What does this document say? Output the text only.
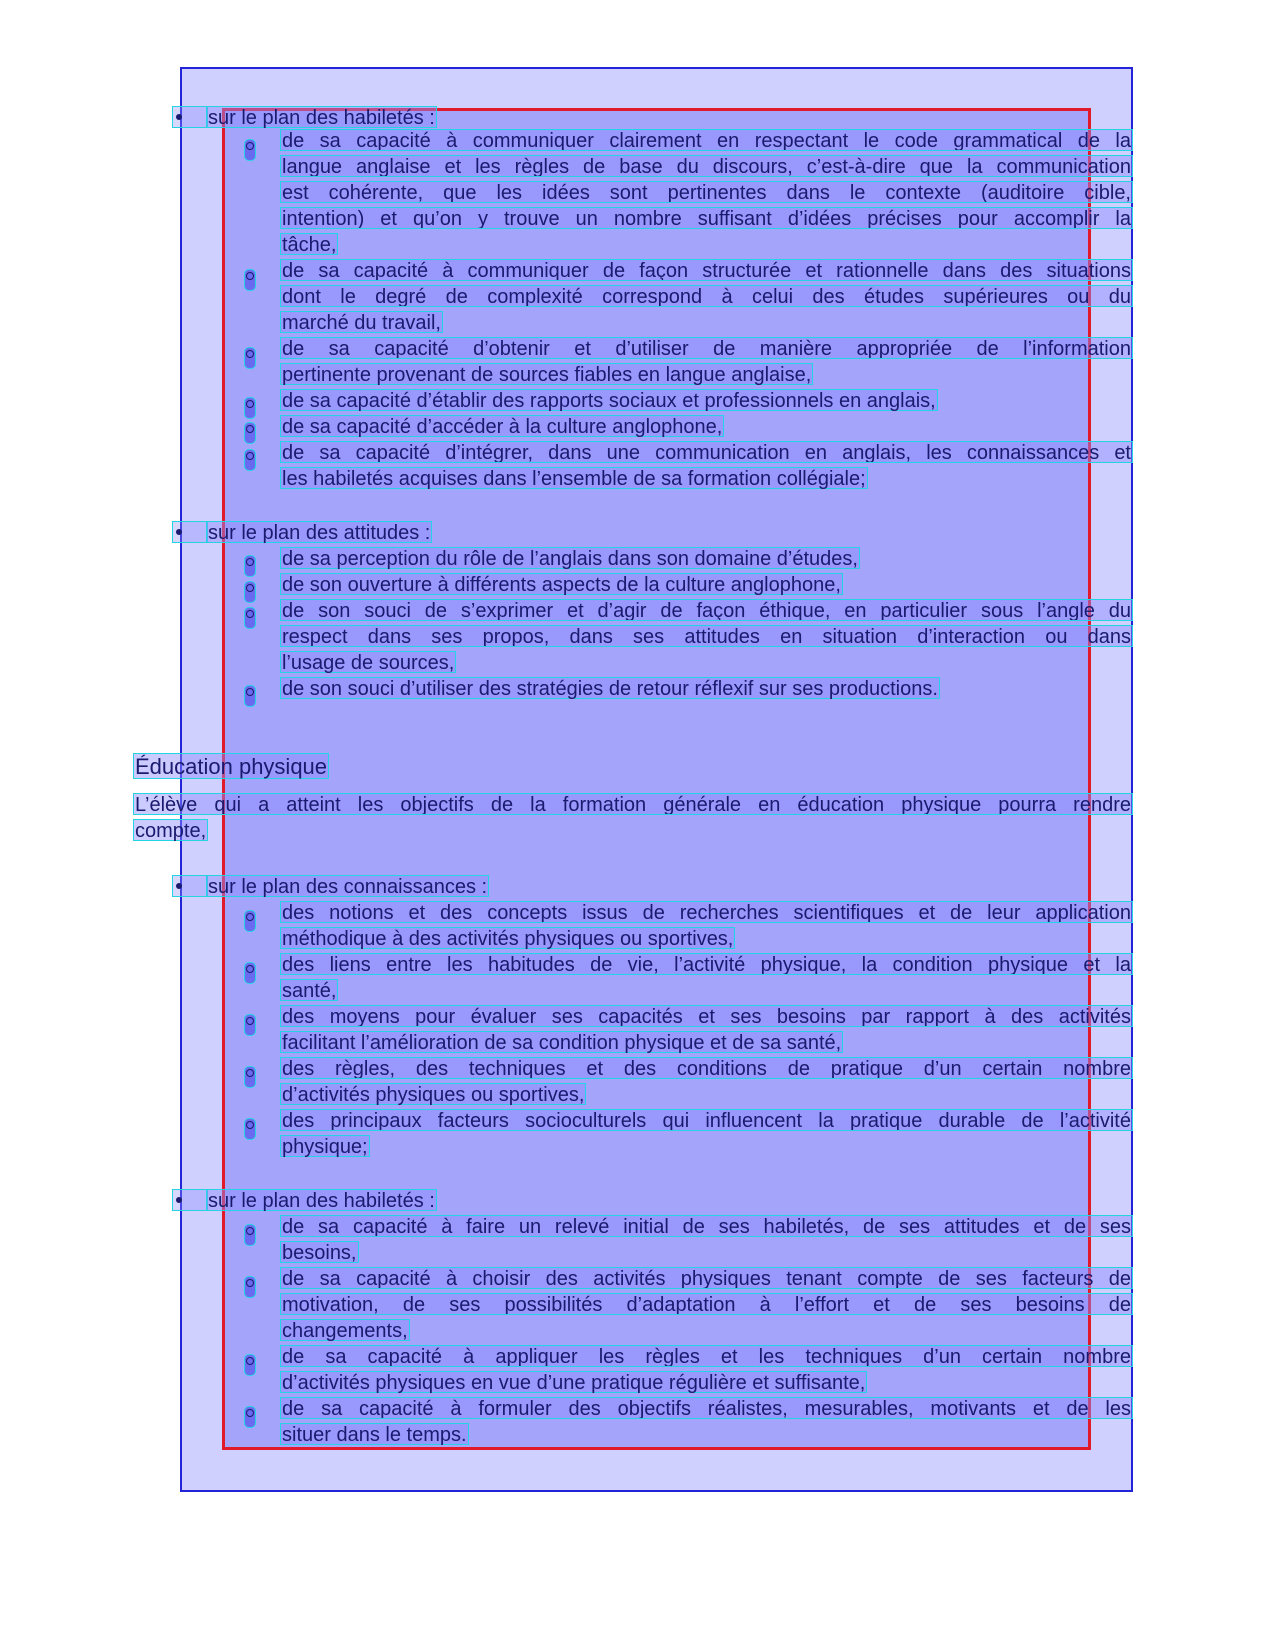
sur le plan des habiletés :
de sa capacité à communiquer clairement en respectant le code grammatical de la
langue anglaise et les règles de base du discours, c’est-à-dire que la communication
est cohérente, que les idées sont pertinentes dans le contexte (auditoire cible,
intention) et qu’on y trouve un nombre suffisant d’idées précises pour accomplir la
tâche,
de sa capacité à communiquer de façon structurée et rationnelle dans des situations
dont le degré de complexité correspond à celui des études supérieures ou du
marché du travail,
de sa capacité d’obtenir et d’utiliser de manière appropriée de l’information
pertinente provenant de sources fiables en langue anglaise,
de sa capacité d’établir des rapports sociaux et professionnels en anglais,
de sa capacité d’accéder à la culture anglophone,
de sa capacité d’intégrer, dans une communication en anglais, les connaissances et
les habiletés acquises dans l’ensemble de sa formation collégiale;
sur le plan des attitudes :
de sa perception du rôle de l’anglais dans son domaine d’études,
de son ouverture à différents aspects de la culture anglophone,
de son souci de s’exprimer et d’agir de façon éthique, en particulier sous l’angle du
respect dans ses propos, dans ses attitudes en situation d’interaction ou dans
l’usage de sources,
de son souci d’utiliser des stratégies de retour réflexif sur ses productions.
Éducation physique
L’élève qui a atteint les objectifs de la formation générale en éducation physique pourra rendre
compte,
sur le plan des connaissances :
des notions et des concepts issus de recherches scientifiques et de leur application
méthodique à des activités physiques ou sportives,
des liens entre les habitudes de vie, l’activité physique, la condition physique et la
santé,
des moyens pour évaluer ses capacités et ses besoins par rapport à des activités
facilitant l’amélioration de sa condition physique et de sa santé,
des règles, des techniques et des conditions de pratique d’un certain nombre
d’activités physiques ou sportives,
des principaux facteurs socioculturels qui influencent la pratique durable de l’activité
physique;
sur le plan des habiletés :
de sa capacité à faire un relevé initial de ses habiletés, de ses attitudes et de ses
besoins,
de sa capacité à choisir des activités physiques tenant compte de ses facteurs de
motivation, de ses possibilités d’adaptation à l’effort et de ses besoins de
changements,
de sa capacité à appliquer les règles et les techniques d’un certain nombre
d’activités physiques en vue d’une pratique régulière et suffisante,
de sa capacité à formuler des objectifs réalistes, mesurables, motivants et de les
situer dans le temps.
